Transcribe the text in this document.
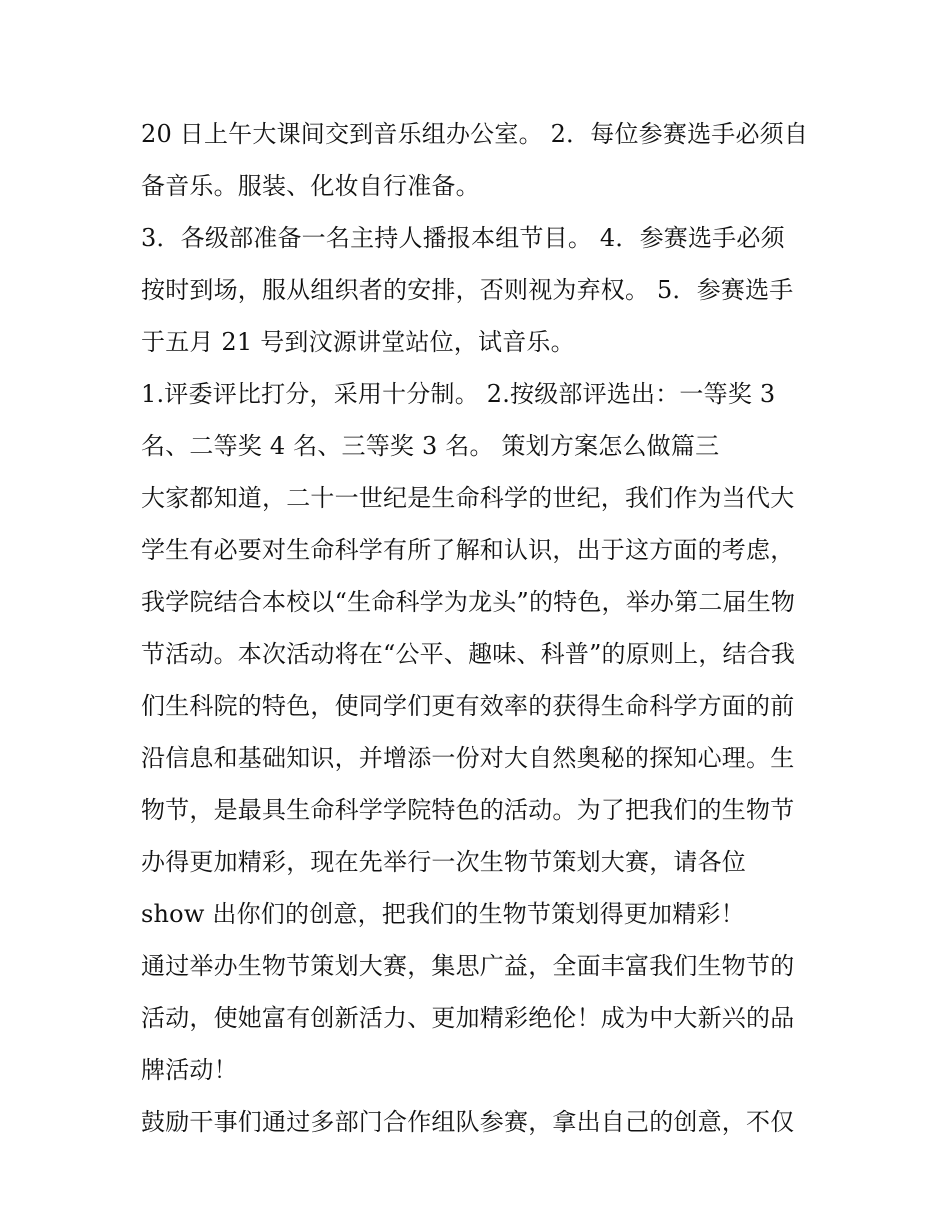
20 日上午大课间交到音乐组办公室。 2．每位参赛选手必须自
备音乐。服装、化妆自行准备。
3．各级部准备一名主持人播报本组节目。 4．参赛选手必须
按时到场，服从组织者的安排，否则视为弃权。 5．参赛选手
于五月 21 号到汶源讲堂站位，试音乐。
1.评委评比打分，采用十分制。 2.按级部评选出：一等奖 3
名、二等奖 4 名、三等奖 3 名。 策划方案怎么做篇三
大家都知道，二十一世纪是生命科学的世纪，我们作为当代大
学生有必要对生命科学有所了解和认识，出于这方面的考虑，
我学院结合本校以“生命科学为龙头”的特色，举办第二届生物
节活动。本次活动将在“公平、趣味、科普”的原则上，结合我
们生科院的特色，使同学们更有效率的获得生命科学方面的前
沿信息和基础知识，并增添一份对大自然奥秘的探知心理。生
物节，是最具生命科学学院特色的活动。为了把我们的生物节
办得更加精彩，现在先举行一次生物节策划大赛，请各位
show 出你们的创意，把我们的生物节策划得更加精彩！
通过举办生物节策划大赛，集思广益，全面丰富我们生物节的
活动，使她富有创新活力、更加精彩绝伦！成为中大新兴的品
牌活动！
鼓励干事们通过多部门合作组队参赛，拿出自己的创意，不仅
